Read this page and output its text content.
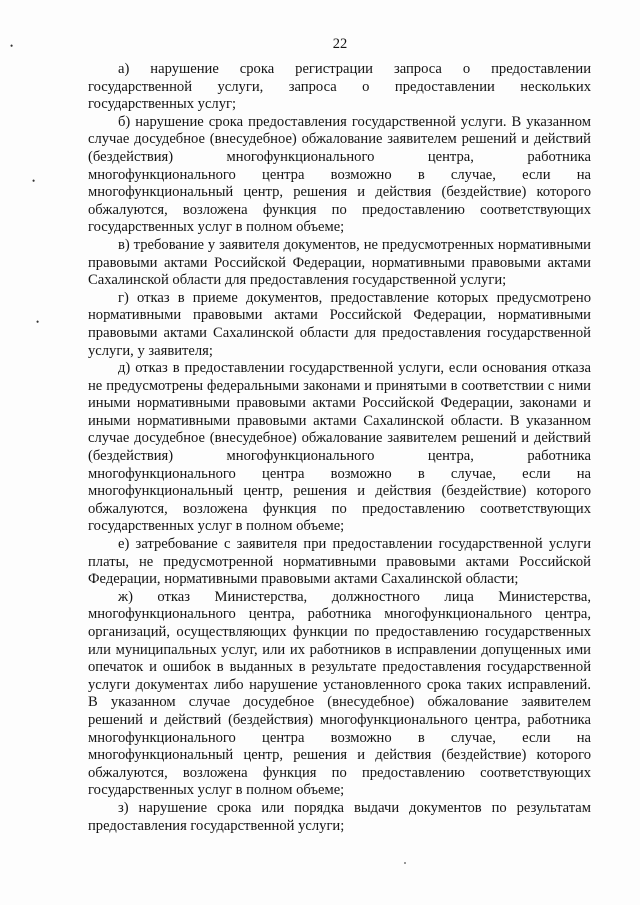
•
•
•
22

а) нарушение срока регистрации запроса о предоставлении государственной услуги, запроса о предоставлении нескольких государственных услуг;

б) нарушение срока предоставления государственной услуги. В указанном случае досудебное (внесудебное) обжалование заявителем решений и действий (бездействия) многофункционального центра, работника многофункционального центра возможно в случае, если на многофункциональный центр, решения и действия (бездействие) которого обжалуются, возложена функция по предоставлению соответствующих государственных услуг в полном объеме;

в) требование у заявителя документов, не предусмотренных нормативными правовыми актами Российской Федерации, нормативными правовыми актами Сахалинской области для предоставления государственной услуги;

г) отказ в приеме документов, предоставление которых предусмотрено нормативными правовыми актами Российской Федерации, нормативными правовыми актами Сахалинской области для предоставления государственной услуги, у заявителя;

д) отказ в предоставлении государственной услуги, если основания отказа не предусмотрены федеральными законами и принятыми в соответствии с ними иными нормативными правовыми актами Российской Федерации, законами и иными нормативными правовыми актами Сахалинской области. В указанном случае досудебное (внесудебное) обжалование заявителем решений и действий (бездействия) многофункционального центра, работника многофункционального центра возможно в случае, если на многофункциональный центр, решения и действия (бездействие) которого обжалуются, возложена функция по предоставлению соответствующих государственных услуг в полном объеме;

е) затребование с заявителя при предоставлении государственной услуги платы, не предусмотренной нормативными правовыми актами Российской Федерации, нормативными правовыми актами Сахалинской области;

ж) отказ Министерства, должностного лица Министерства, многофункционального центра, работника многофункционального центра, организаций, осуществляющих функции по предоставлению государственных или муниципальных услуг, или их работников в исправлении допущенных ими опечаток и ошибок в выданных в результате предоставления государственной услуги документах либо нарушение установленного срока таких исправлений. В указанном случае досудебное (внесудебное) обжалование заявителем решений и действий (бездействия) многофункционального центра, работника многофункционального центра возможно в случае, если на многофункциональный центр, решения и действия (бездействие) которого обжалуются, возложена функция по предоставлению соответствующих государственных услуг в полном объеме;

з) нарушение срока или порядка выдачи документов по результатам предоставления государственной услуги;
